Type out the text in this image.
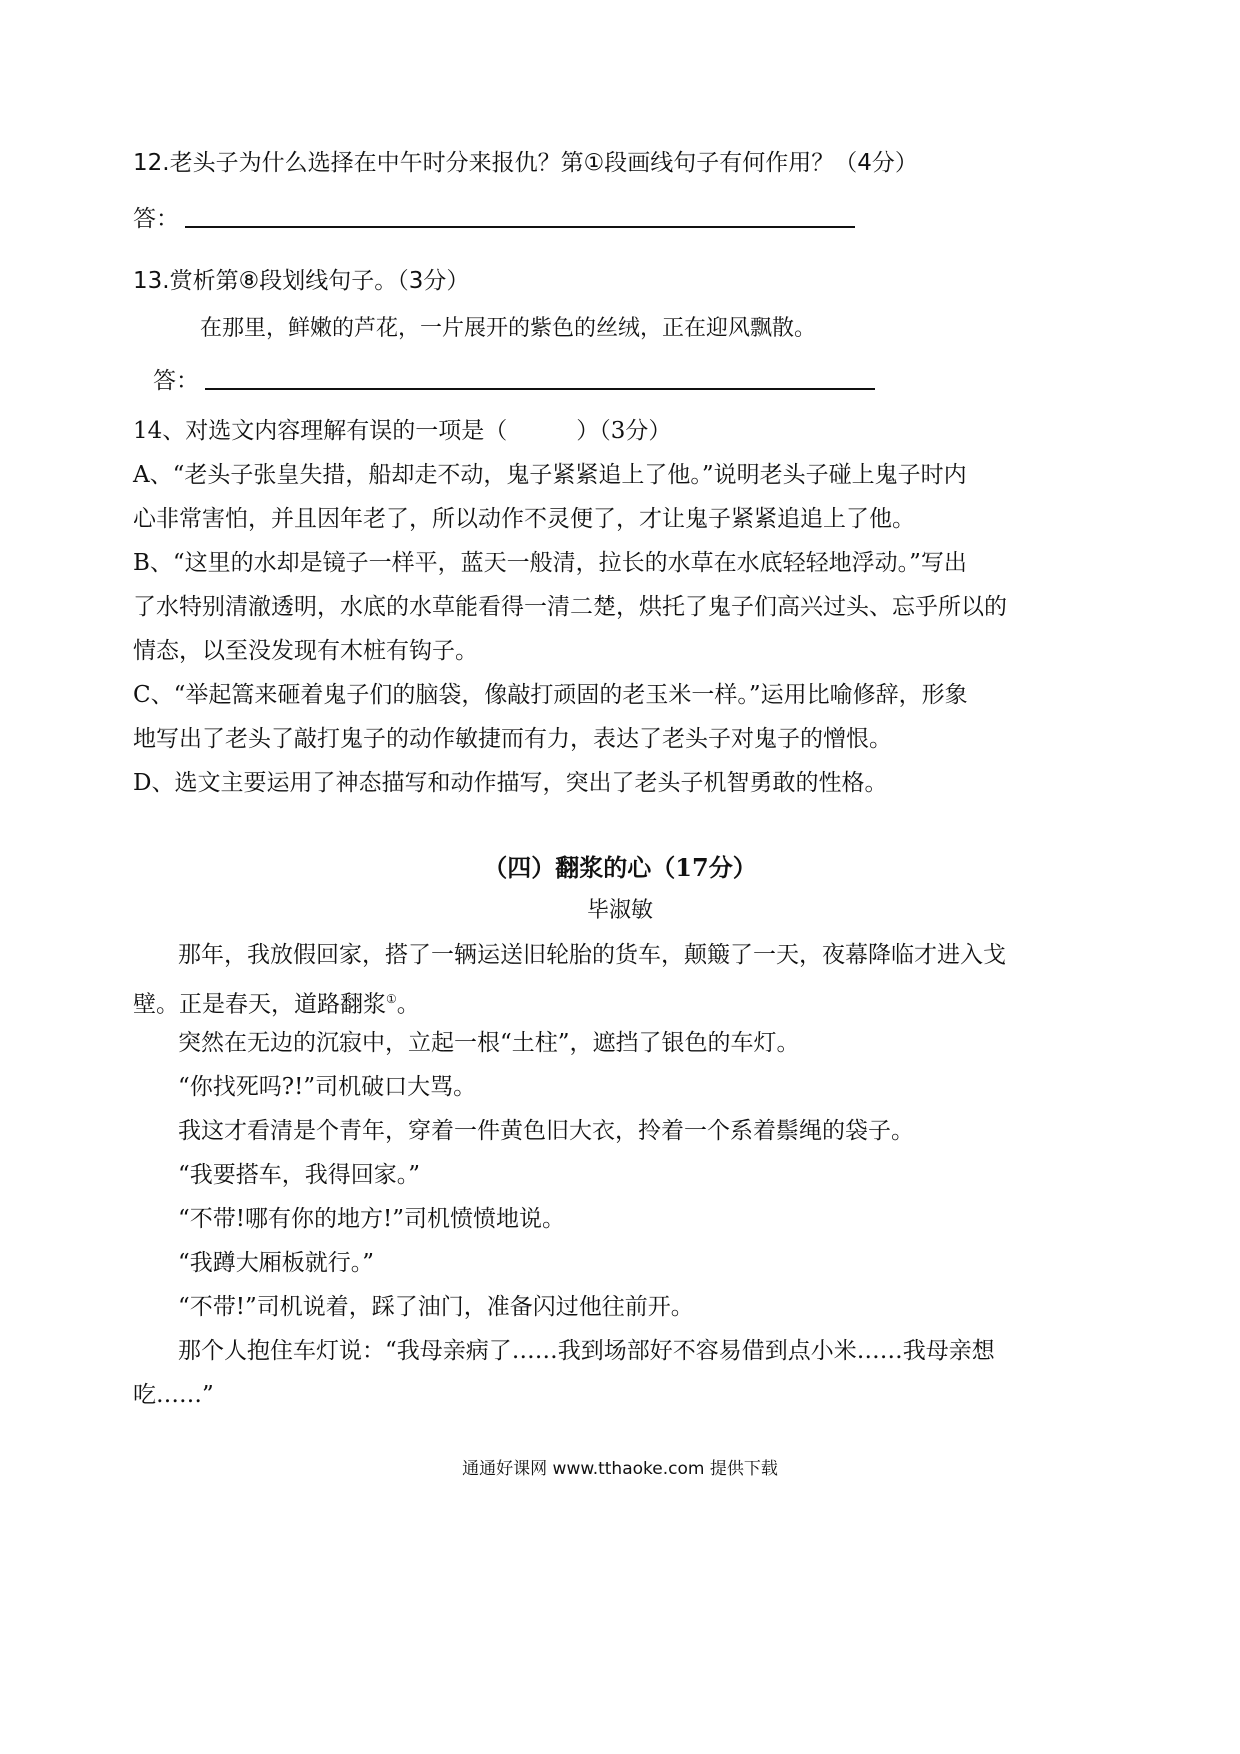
12.老头子为什么选择在中午时分来报仇？第①段画线句子有何作用？（4分）
答：
13.赏析第⑧段划线句子。（3分）
在那里，鲜嫩的芦花，一片展开的紫色的丝绒，正在迎风飘散。
答：
14、对选文内容理解有误的一项是（　　　）（3分）
A、“老头子张皇失措，船却走不动，鬼子紧紧追上了他。”说明老头子碰上鬼子时内
心非常害怕，并且因年老了，所以动作不灵便了，才让鬼子紧紧追追上了他。
B、“这里的水却是镜子一样平，蓝天一般清，拉长的水草在水底轻轻地浮动。”写出
了水特别清澈透明，水底的水草能看得一清二楚，烘托了鬼子们高兴过头、忘乎所以的
情态，以至没发现有木桩有钩子。
C、“举起篙来砸着鬼子们的脑袋，像敲打顽固的老玉米一样。”运用比喻修辞，形象
地写出了老头了敲打鬼子的动作敏捷而有力，表达了老头子对鬼子的憎恨。
D、选文主要运用了神态描写和动作描写，突出了老头子机智勇敢的性格。
（四）翻浆的心（17分）
毕淑敏
那年，我放假回家，搭了一辆运送旧轮胎的货车，颠簸了一天，夜幕降临才进入戈
壁。正是春天，道路翻浆①。
突然在无边的沉寂中，立起一根“土柱”，遮挡了银色的车灯。
“你找死吗?!”司机破口大骂。
我这才看清是个青年，穿着一件黄色旧大衣，拎着一个系着鬃绳的袋子。
“我要搭车，我得回家。”
“不带!哪有你的地方!”司机愤愤地说。
“我蹲大厢板就行。”
“不带!”司机说着，踩了油门，准备闪过他往前开。
那个人抱住车灯说：“我母亲病了……我到场部好不容易借到点小米……我母亲想
吃……”
通通好课网 www.tthaoke.com 提供下载
